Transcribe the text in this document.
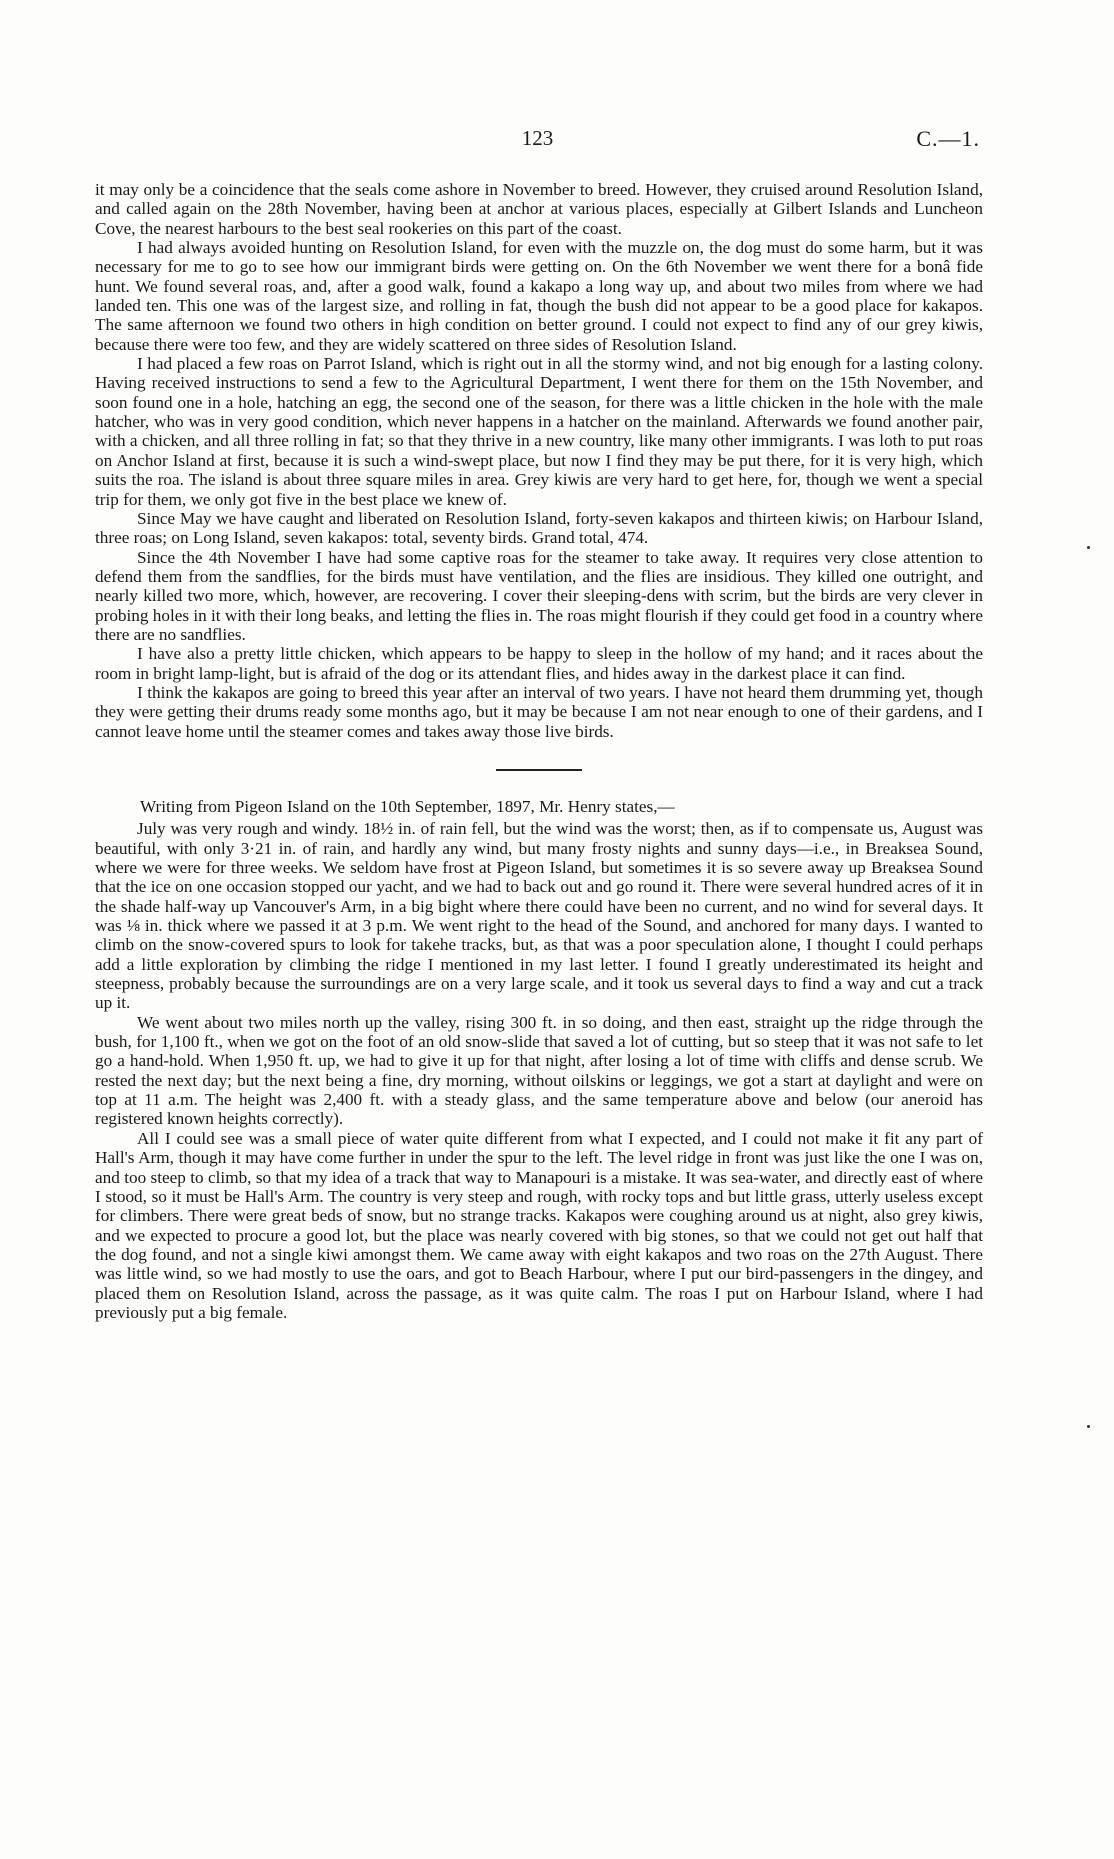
123	C.—1.

it may only be a coincidence that the seals come ashore in November to breed. However, they cruised around Resolution Island, and called again on the 28th November, having been at anchor at various places, especially at Gilbert Islands and Luncheon Cove, the nearest harbours to the best seal rookeries on this part of the coast.

I had always avoided hunting on Resolution Island, for even with the muzzle on, the dog must do some harm, but it was necessary for me to go to see how our immigrant birds were getting on. On the 6th November we went there for a bonâ fide hunt. We found several roas, and, after a good walk, found a kakapo a long way up, and about two miles from where we had landed ten. This one was of the largest size, and rolling in fat, though the bush did not appear to be a good place for kakapos. The same afternoon we found two others in high condition on better ground. I could not expect to find any of our grey kiwis, because there were too few, and they are widely scattered on three sides of Resolution Island.

I had placed a few roas on Parrot Island, which is right out in all the stormy wind, and not big enough for a lasting colony. Having received instructions to send a few to the Agricultural Department, I went there for them on the 15th November, and soon found one in a hole, hatching an egg, the second one of the season, for there was a little chicken in the hole with the male hatcher, who was in very good condition, which never happens in a hatcher on the mainland. Afterwards we found another pair, with a chicken, and all three rolling in fat; so that they thrive in a new country, like many other immigrants. I was loth to put roas on Anchor Island at first, because it is such a wind-swept place, but now I find they may be put there, for it is very high, which suits the roa. The island is about three square miles in area. Grey kiwis are very hard to get here, for, though we went a special trip for them, we only got five in the best place we knew of.

Since May we have caught and liberated on Resolution Island, forty-seven kakapos and thirteen kiwis; on Harbour Island, three roas; on Long Island, seven kakapos: total, seventy birds. Grand total, 474.

Since the 4th November I have had some captive roas for the steamer to take away. It requires very close attention to defend them from the sandflies, for the birds must have ventilation, and the flies are insidious. They killed one outright, and nearly killed two more, which, however, are recovering. I cover their sleeping-dens with scrim, but the birds are very clever in probing holes in it with their long beaks, and letting the flies in. The roas might flourish if they could get food in a country where there are no sandflies.

I have also a pretty little chicken, which appears to be happy to sleep in the hollow of my hand; and it races about the room in bright lamp-light, but is afraid of the dog or its attendant flies, and hides away in the darkest place it can find.

I think the kakapos are going to breed this year after an interval of two years. I have not heard them drumming yet, though they were getting their drums ready some months ago, but it may be because I am not near enough to one of their gardens, and I cannot leave home until the steamer comes and takes away those live birds.

Writing from Pigeon Island on the 10th September, 1897, Mr. Henry states,—

July was very rough and windy. 18½ in. of rain fell, but the wind was the worst; then, as if to compensate us, August was beautiful, with only 3·21 in. of rain, and hardly any wind, but many frosty nights and sunny days—i.e., in Breaksea Sound, where we were for three weeks. We seldom have frost at Pigeon Island, but sometimes it is so severe away up Breaksea Sound that the ice on one occasion stopped our yacht, and we had to back out and go round it. There were several hundred acres of it in the shade half-way up Vancouver's Arm, in a big bight where there could have been no current, and no wind for several days. It was ⅛ in. thick where we passed it at 3 p.m. We went right to the head of the Sound, and anchored for many days. I wanted to climb on the snow-covered spurs to look for takehe tracks, but, as that was a poor speculation alone, I thought I could perhaps add a little exploration by climbing the ridge I mentioned in my last letter. I found I greatly underestimated its height and steepness, probably because the surroundings are on a very large scale, and it took us several days to find a way and cut a track up it.

We went about two miles north up the valley, rising 300 ft. in so doing, and then east, straight up the ridge through the bush, for 1,100 ft., when we got on the foot of an old snow-slide that saved a lot of cutting, but so steep that it was not safe to let go a hand-hold. When 1,950 ft. up, we had to give it up for that night, after losing a lot of time with cliffs and dense scrub. We rested the next day; but the next being a fine, dry morning, without oilskins or leggings, we got a start at daylight and were on top at 11 a.m. The height was 2,400 ft. with a steady glass, and the same temperature above and below (our aneroid has registered known heights correctly).

All I could see was a small piece of water quite different from what I expected, and I could not make it fit any part of Hall's Arm, though it may have come further in under the spur to the left. The level ridge in front was just like the one I was on, and too steep to climb, so that my idea of a track that way to Manapouri is a mistake. It was sea-water, and directly east of where I stood, so it must be Hall's Arm. The country is very steep and rough, with rocky tops and but little grass, utterly useless except for climbers. There were great beds of snow, but no strange tracks. Kakapos were coughing around us at night, also grey kiwis, and we expected to procure a good lot, but the place was nearly covered with big stones, so that we could not get out half that the dog found, and not a single kiwi amongst them. We came away with eight kakapos and two roas on the 27th August. There was little wind, so we had mostly to use the oars, and got to Beach Harbour, where I put our bird-passengers in the dingey, and placed them on Resolution Island, across the passage, as it was quite calm. The roas I put on Harbour Island, where I had previously put a big female.
